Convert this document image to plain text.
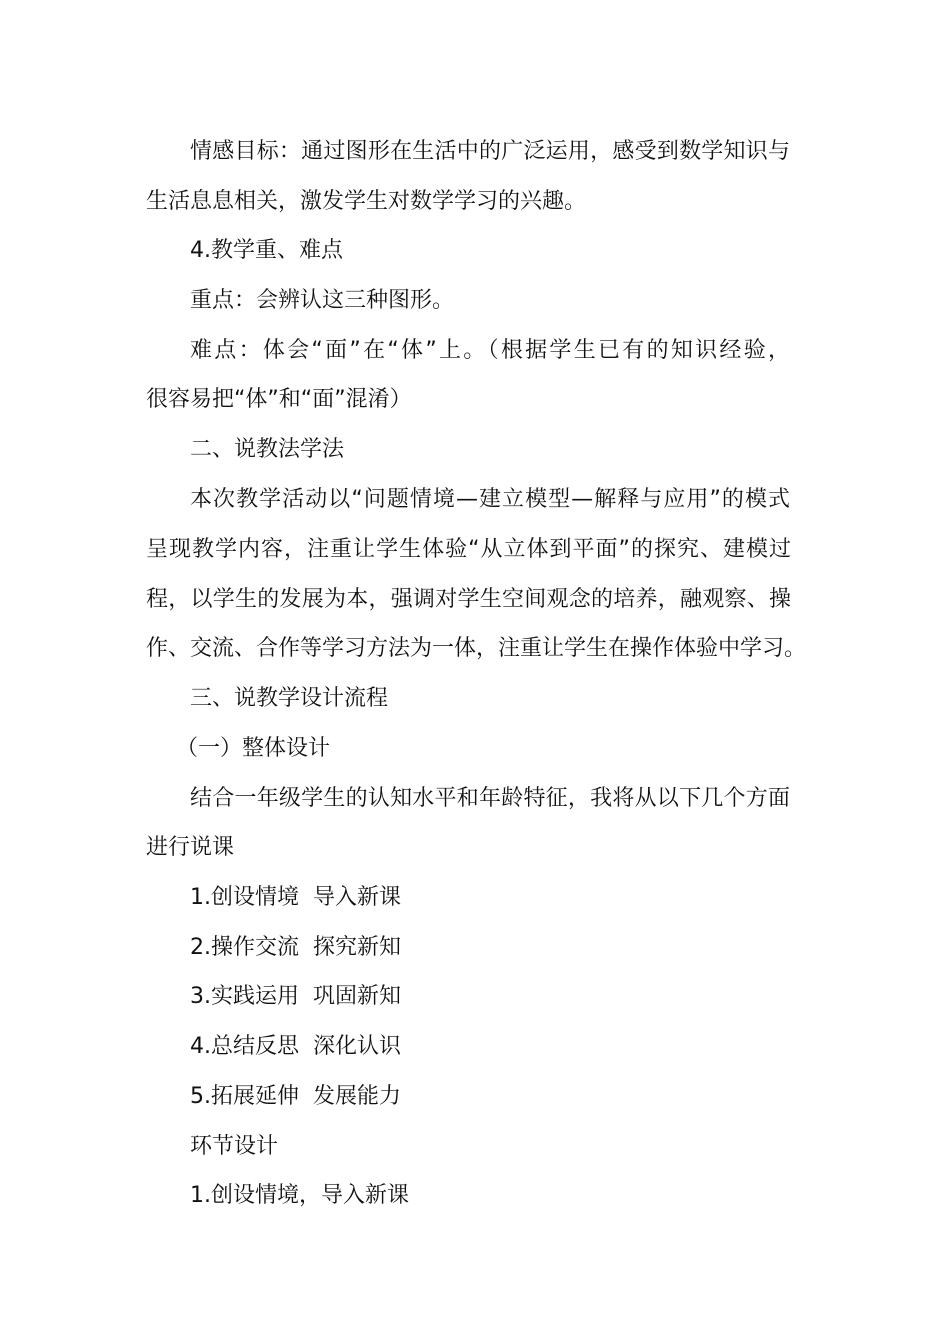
情感目标：通过图形在生活中的广泛运用，感受到数学知识与
生活息息相关，激发学生对数学学习的兴趣。
4.教学重、难点
重点：会辨认这三种图形。
难点：体会“面”在“体”上。（根据学生已有的知识经验，
很容易把“体”和“面”混淆）
二、说教法学法
本次教学活动以“问题情境—建立模型—解释与应用”的模式
呈现教学内容，注重让学生体验“从立体到平面”的探究、建模过
程，以学生的发展为本，强调对学生空间观念的培养，融观察、操
作、交流、合作等学习方法为一体，注重让学生在操作体验中学习。
三、说教学设计流程
（一）整体设计
结合一年级学生的认知水平和年龄特征，我将从以下几个方面
进行说课
1.创设情境  导入新课
2.操作交流  探究新知
3.实践运用  巩固新知
4.总结反思  深化认识
5.拓展延伸  发展能力
环节设计
1.创设情境，导入新课
